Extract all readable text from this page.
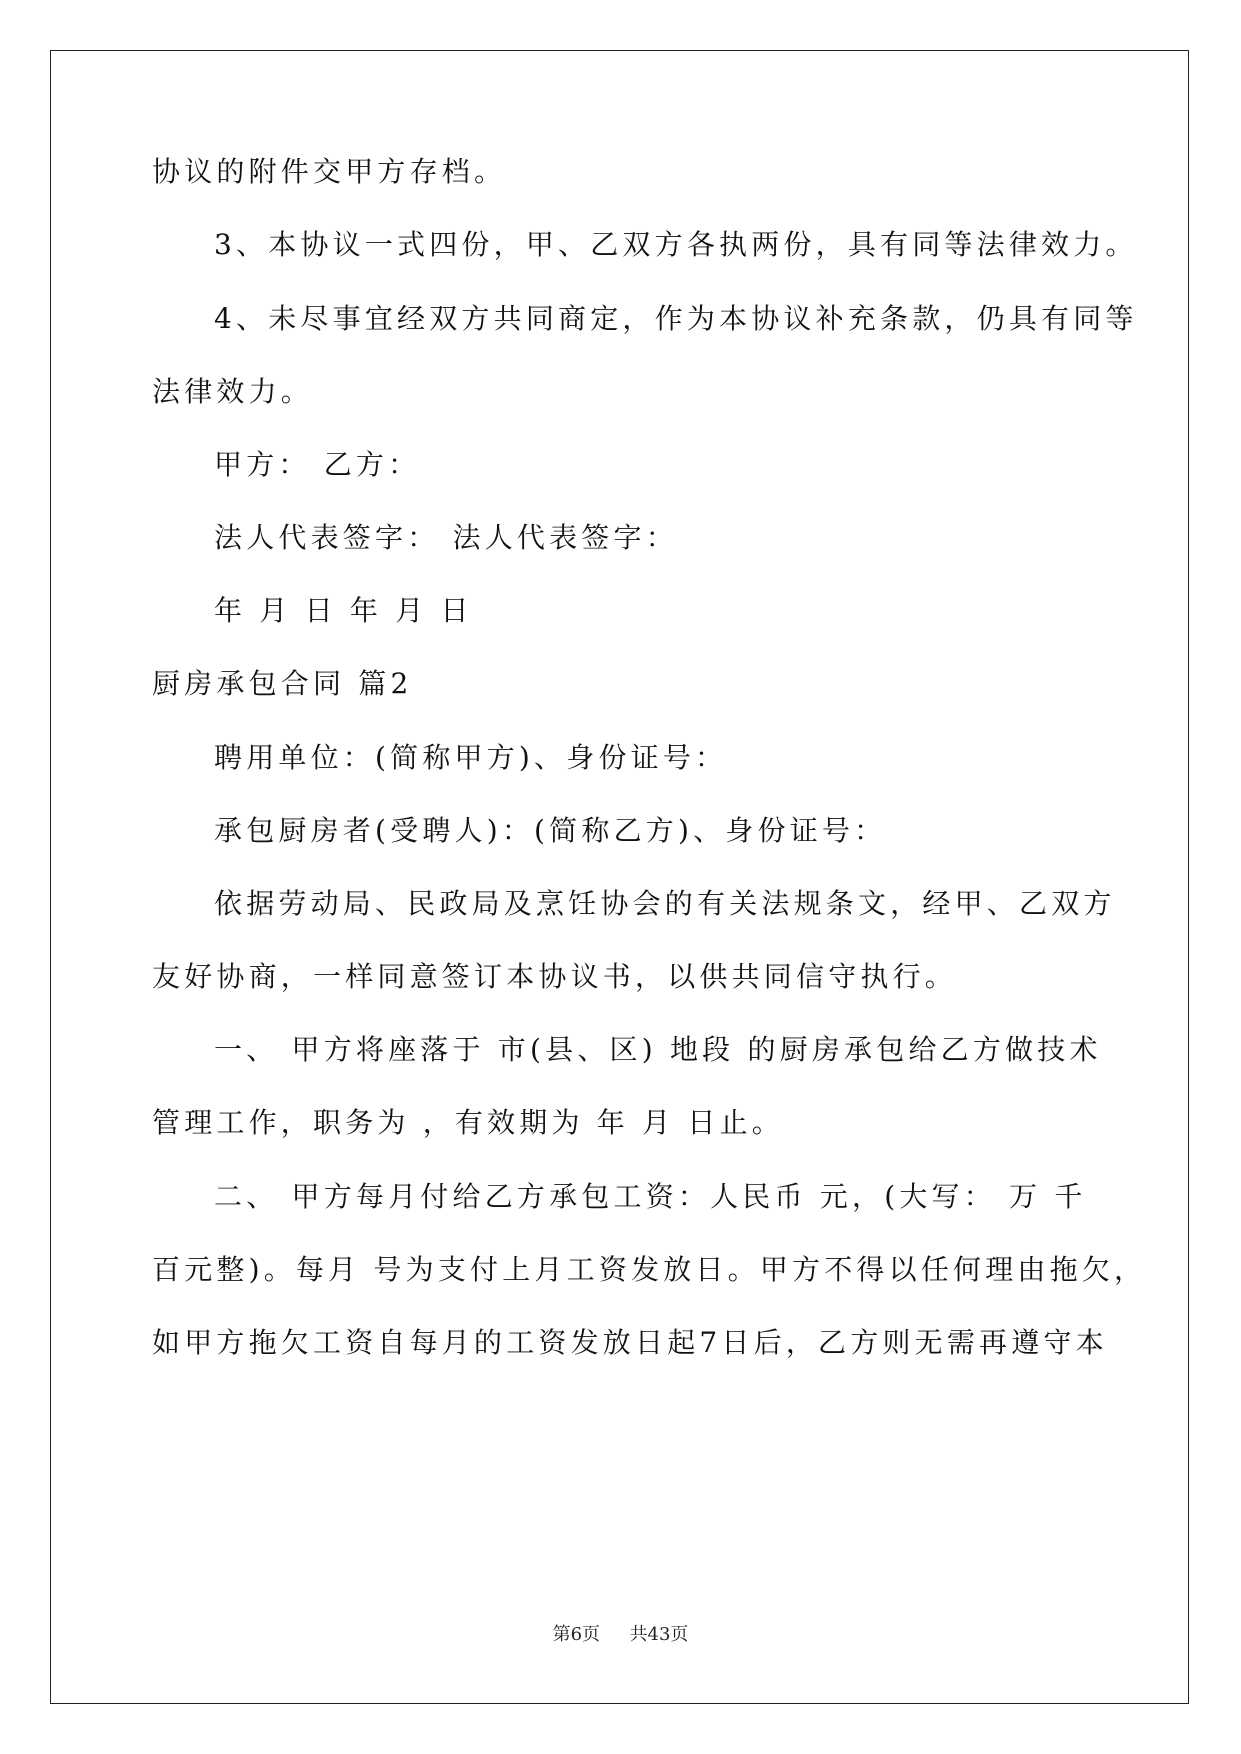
协议的附件交甲方存档。
3、本协议一式四份，甲、乙双方各执两份，具有同等法律效力。
4、未尽事宜经双方共同商定，作为本协议补充条款，仍具有同等
法律效力。
甲方： 乙方：
法人代表签字： 法人代表签字：
年 月 日 年 月 日
厨房承包合同 篇2
聘用单位：(简称甲方)、身份证号：
承包厨房者(受聘人)：(简称乙方)、身份证号：
依据劳动局、民政局及烹饪协会的有关法规条文，经甲、乙双方
友好协商，一样同意签订本协议书，以供共同信守执行。
一、 甲方将座落于 市(县、区) 地段 的厨房承包给乙方做技术
管理工作，职务为 ，有效期为 年 月 日止。
二、 甲方每月付给乙方承包工资：人民币 元，(大写： 万 千
百元整)。每月 号为支付上月工资发放日。甲方不得以任何理由拖欠，
如甲方拖欠工资自每月的工资发放日起7日后，乙方则无需再遵守本
第6页 共43页
